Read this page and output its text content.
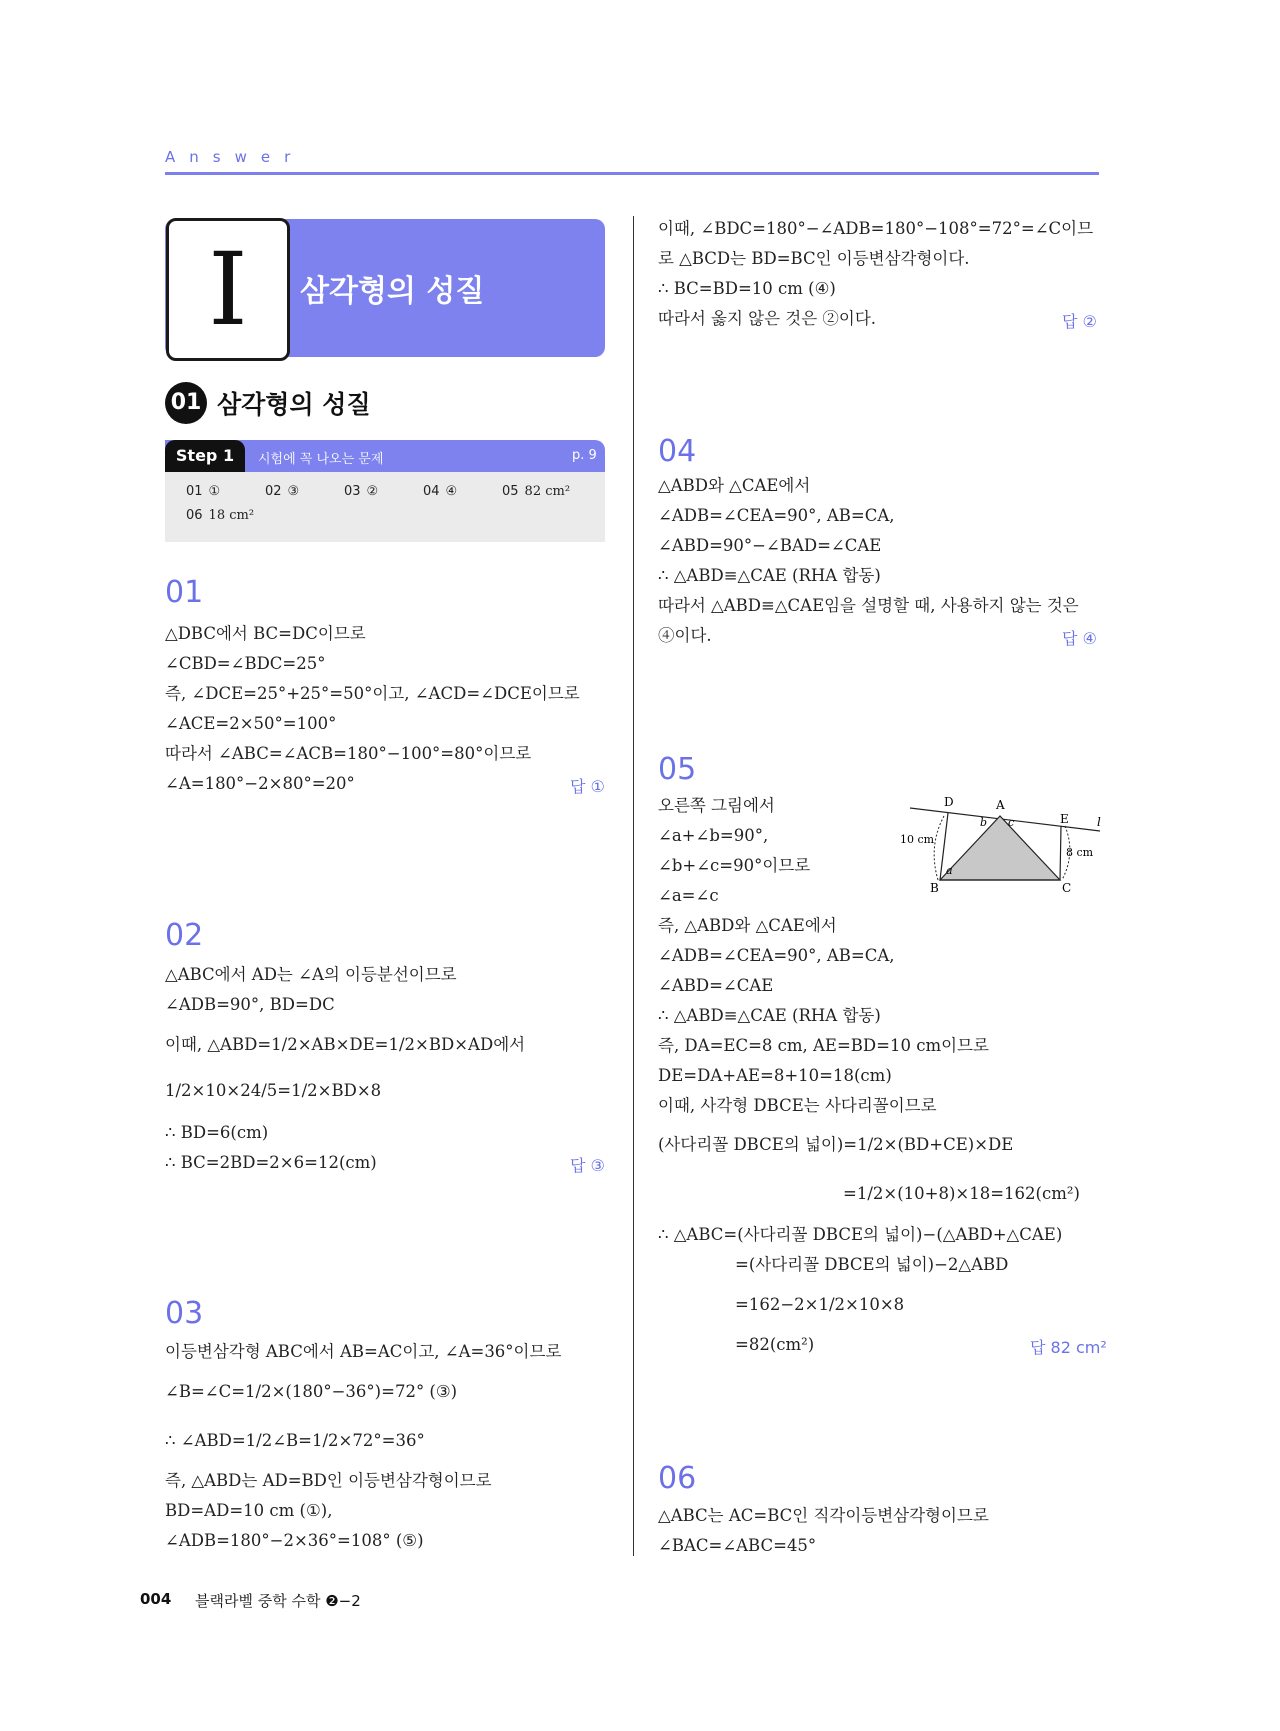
Answer
I	삼각형의 성질
01 삼각형의 성질
Step 1	시험에 꼭 나오는 문제	p. 9
01 ①	02 ③	03 ②	04 ④	05 82 cm²
06 18 cm²
01
△DBC에서 BC=DC이므로
∠CBD=∠BDC=25°
즉, ∠DCE=25°+25°=50°이고, ∠ACD=∠DCE이므로
∠ACE=2×50°=100°
따라서 ∠ABC=∠ACB=180°−100°=80°이므로
∠A=180°−2×80°=20°	답 ①
02
△ABC에서 AD는 ∠A의 이등분선이므로
∠ADB=90°, BD=DC
이때, △ABD=1/2×AB×DE=1/2×BD×AD에서
1/2×10×24/5=1/2×BD×8
∴ BD=6(cm)
∴ BC=2BD=2×6=12(cm)	답 ③
03
이등변삼각형 ABC에서 AB=AC이고, ∠A=36°이므로
∠B=∠C=1/2×(180°−36°)=72° (③)
∴ ∠ABD=1/2∠B=1/2×72°=36°
즉, △ABD는 AD=BD인 이등변삼각형이므로
BD=AD=10 cm (①),
∠ADB=180°−2×36°=108° (⑤)
이때, ∠BDC=180°−∠ADB=180°−108°=72°=∠C이므
로 △BCD는 BD=BC인 이등변삼각형이다.
∴ BC=BD=10 cm (④)
따라서 옳지 않은 것은 ②이다.	답 ②
04
△ABD와 △CAE에서
∠ADB=∠CEA=90°, AB=CA,
∠ABD=90°−∠BAD=∠CAE
∴ △ABD≡△CAE (RHA 합동)
따라서 △ABD≡△CAE임을 설명할 때, 사용하지 않는 것은
④이다.	답 ④
05
오른쪽 그림에서
∠a+∠b=90°,
∠b+∠c=90°이므로
∠a=∠c
즉, △ABD와 △CAE에서
∠ADB=∠CEA=90°, AB=CA,
∠ABD=∠CAE
∴ △ABD≡△CAE (RHA 합동)
즉, DA=EC=8 cm, AE=BD=10 cm이므로
DE=DA+AE=8+10=18(cm)
이때, 사각형 DBCE는 사다리꼴이므로
(사다리꼴 DBCE의 넓이)=1/2×(BD+CE)×DE
=1/2×(10+8)×18=162(cm²)
∴ △ABC=(사다리꼴 DBCE의 넓이)−(△ABD+△CAE)
=(사다리꼴 DBCE의 넓이)−2△ABD
=162−2×1/2×10×8
=82(cm²)	답 82 cm²
D	A
E l
B	C
a
b c
10 cm
8 cm
06
△ABC는 AC=BC인 직각이등변삼각형이므로
∠BAC=∠ABC=45°
004 블랙라벨 중학 수학 ❷−2
